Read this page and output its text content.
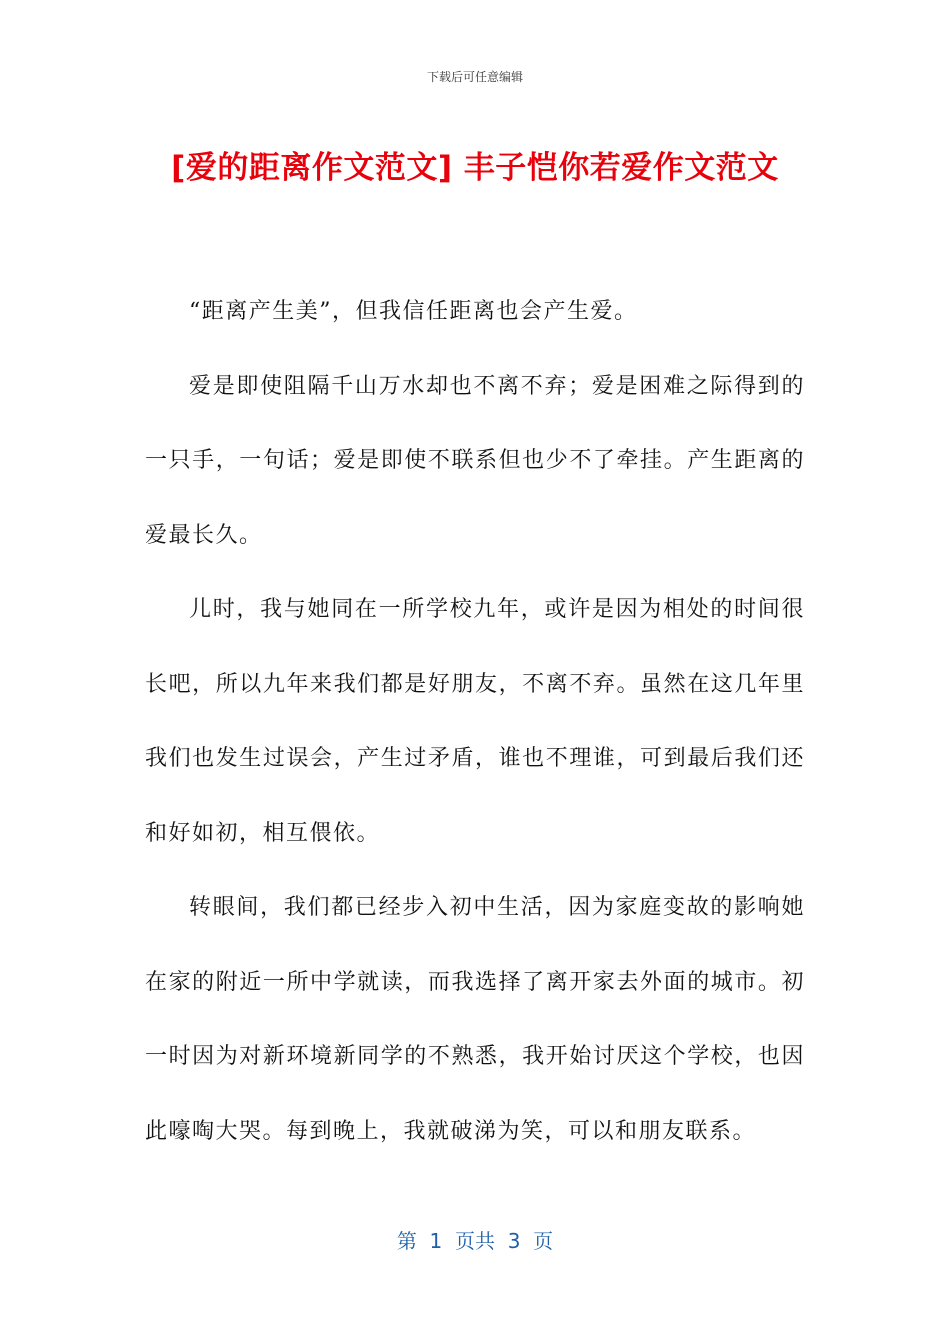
下载后可任意编辑
[爱的距离作文范文] 丰子恺你若爱作文范文

“距离产生美”，但我信任距离也会产生爱。

爱是即使阻隔千山万水却也不离不弃；爱是困难之际得到的一只手，一句话；爱是即使不联系但也少不了牵挂。产生距离的爱最长久。

儿时，我与她同在一所学校九年，或许是因为相处的时间很长吧，所以九年来我们都是好朋友，不离不弃。虽然在这几年里我们也发生过误会，产生过矛盾，谁也不理谁，可到最后我们还和好如初，相互偎依。

转眼间，我们都已经步入初中生活，因为家庭变故的影响她在家的附近一所中学就读，而我选择了离开家去外面的城市。初一时因为对新环境新同学的不熟悉，我开始讨厌这个学校，也因此嚎啕大哭。每到晚上，我就破涕为笑，可以和朋友联系。

第  1  页共  3  页
